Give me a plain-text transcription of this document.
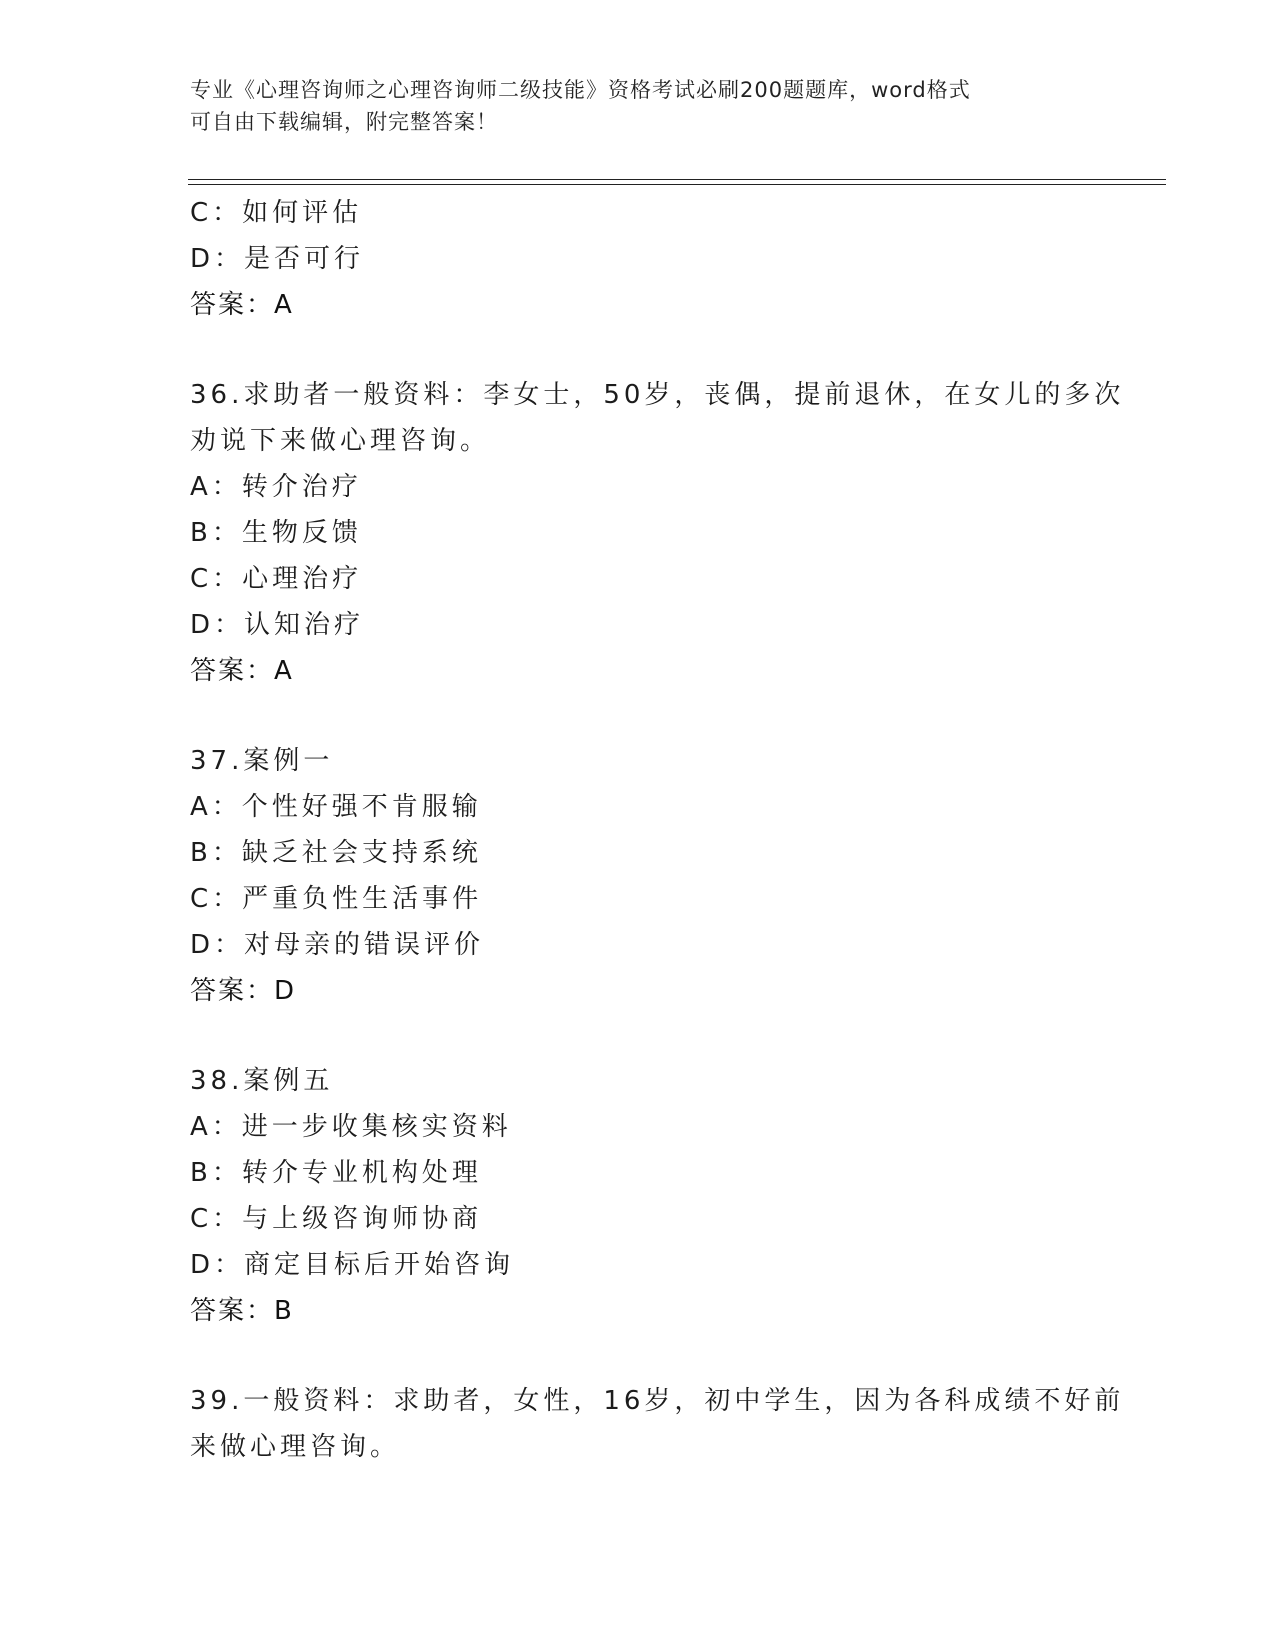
专业《心理咨询师之心理咨询师二级技能》资格考试必刷200题题库，word格式
可自由下载编辑，附完整答案！
C：如何评估
D：是否可行
答案：A
36.求助者一般资料：李女士，50岁，丧偶，提前退休，在女儿的多次
劝说下来做心理咨询。
A：转介治疗
B：生物反馈
C：心理治疗
D：认知治疗
答案：A
37.案例一
A：个性好强不肯服输
B：缺乏社会支持系统
C：严重负性生活事件
D：对母亲的错误评价
答案：D
38.案例五
A：进一步收集核实资料
B：转介专业机构处理
C：与上级咨询师协商
D：商定目标后开始咨询
答案：B
39.一般资料：求助者，女性，16岁，初中学生，因为各科成绩不好前
来做心理咨询。
